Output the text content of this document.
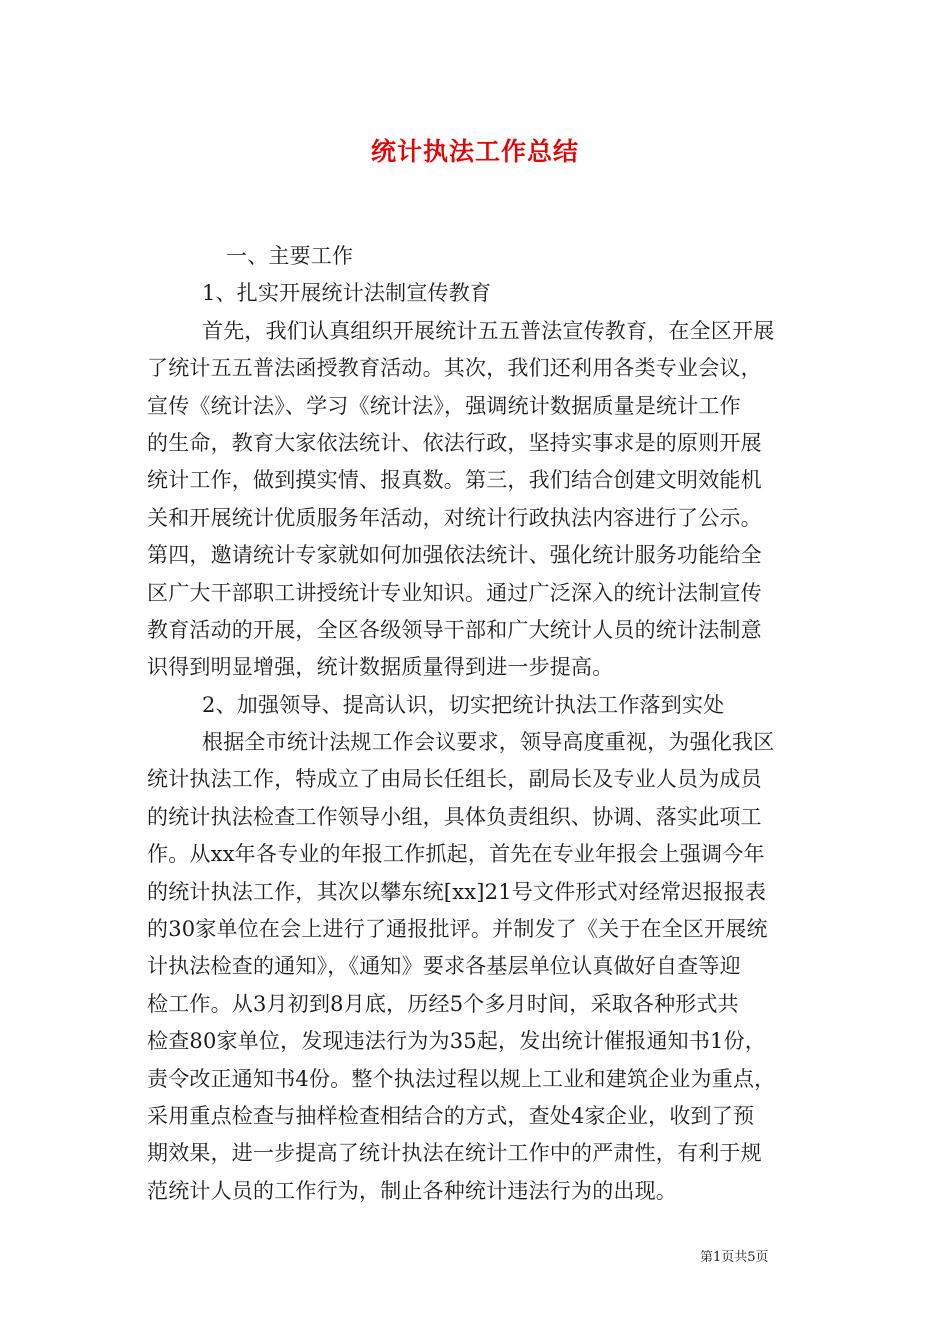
统计执法工作总结
一、主要工作
1、扎实开展统计法制宣传教育
首先，我们认真组织开展统计五五普法宣传教育，在全区开展
了统计五五普法函授教育活动。其次，我们还利用各类专业会议，
宣传《统计法》、学习《统计法》，强调统计数据质量是统计工作
的生命，教育大家依法统计、依法行政，坚持实事求是的原则开展
统计工作，做到摸实情、报真数。第三，我们结合创建文明效能机
关和开展统计优质服务年活动，对统计行政执法内容进行了公示。
第四，邀请统计专家就如何加强依法统计、强化统计服务功能给全
区广大干部职工讲授统计专业知识。通过广泛深入的统计法制宣传
教育活动的开展，全区各级领导干部和广大统计人员的统计法制意
识得到明显增强，统计数据质量得到进一步提高。
2、加强领导、提高认识，切实把统计执法工作落到实处
根据全市统计法规工作会议要求，领导高度重视，为强化我区
统计执法工作，特成立了由局长任组长，副局长及专业人员为成员
的统计执法检查工作领导小组，具体负责组织、协调、落实此项工
作。从xx年各专业的年报工作抓起，首先在专业年报会上强调今年
的统计执法工作，其次以攀东统[xx]21号文件形式对经常迟报报表
的30家单位在会上进行了通报批评。并制发了《关于在全区开展统
计执法检查的通知》，《通知》要求各基层单位认真做好自查等迎
检工作。从3月初到8月底，历经5个多月时间，采取各种形式共
检查80家单位，发现违法行为为35起，发出统计催报通知书1份，
责令改正通知书4份。整个执法过程以规上工业和建筑企业为重点，
采用重点检查与抽样检查相结合的方式，查处4家企业，收到了预
期效果，进一步提高了统计执法在统计工作中的严肃性，有利于规
范统计人员的工作行为，制止各种统计违法行为的出现。
第1页共5页
